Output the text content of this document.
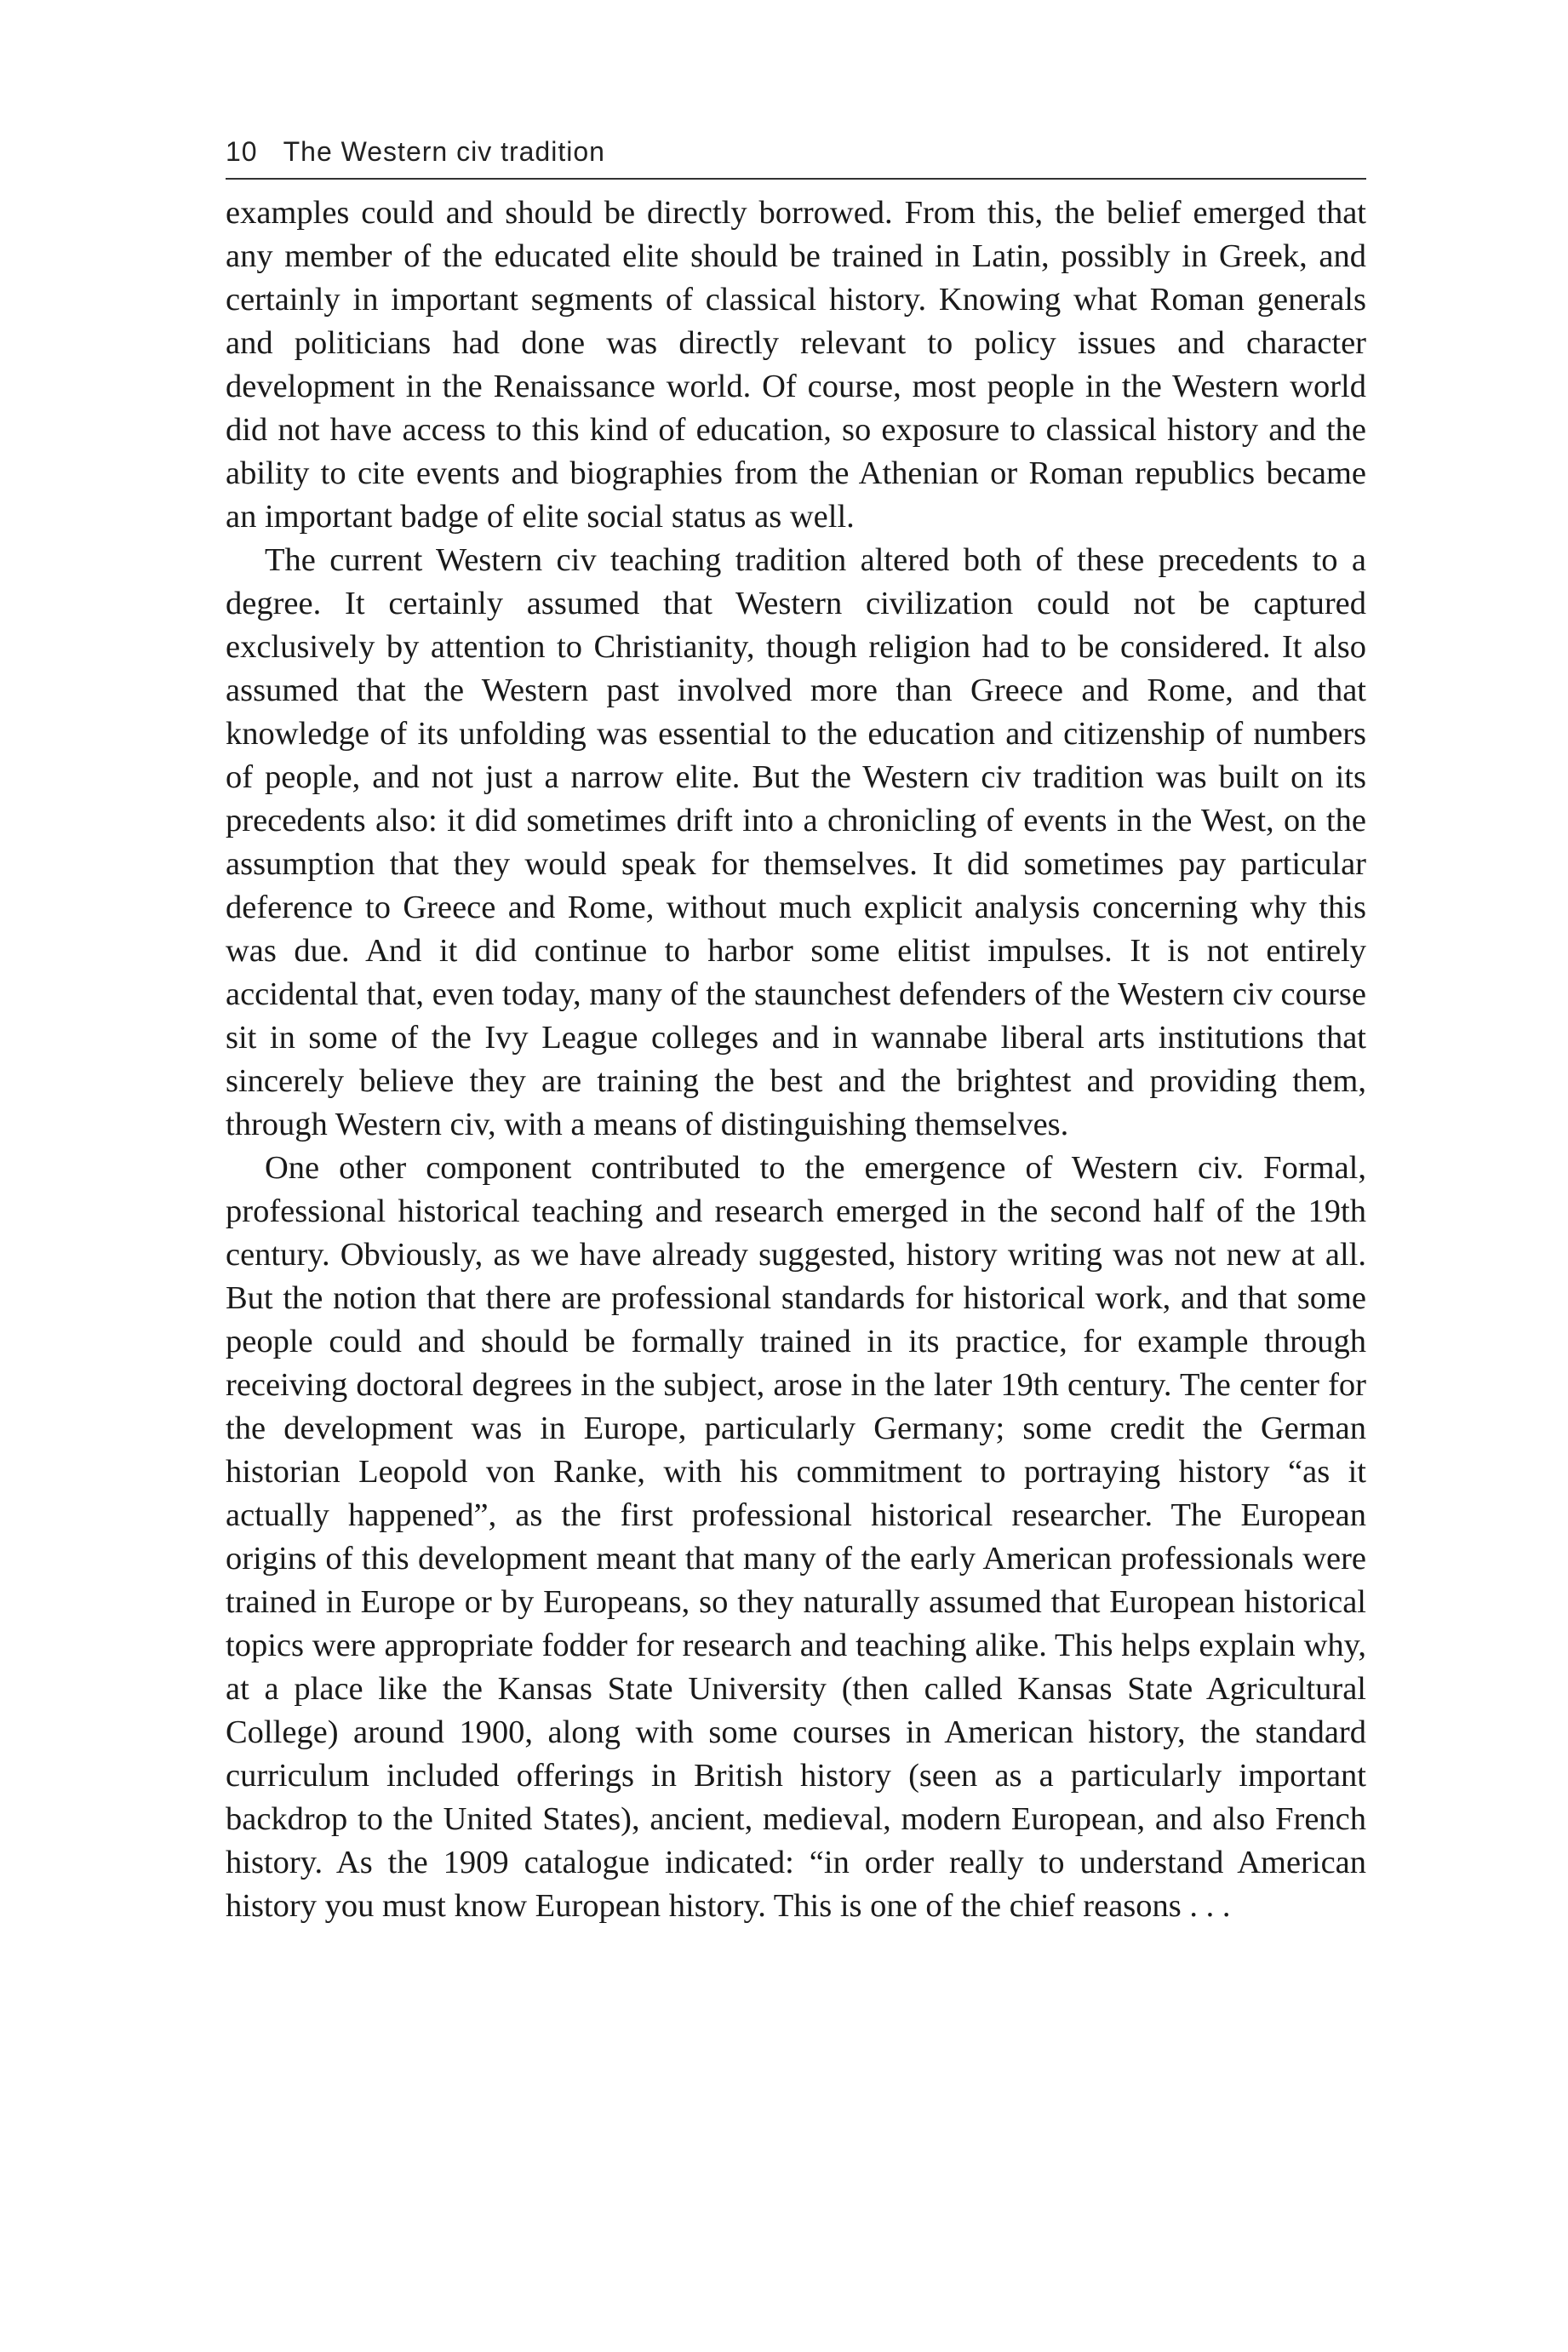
10 The Western civ tradition

examples could and should be directly borrowed. From this, the belief emerged that any member of the educated elite should be trained in Latin, possibly in Greek, and certainly in important segments of classical history. Knowing what Roman generals and politicians had done was directly relevant to policy issues and character development in the Renaissance world. Of course, most people in the Western world did not have access to this kind of education, so exposure to classical history and the ability to cite events and biographies from the Athenian or Roman republics became an important badge of elite social status as well.

The current Western civ teaching tradition altered both of these precedents to a degree. It certainly assumed that Western civilization could not be captured exclusively by attention to Christianity, though religion had to be considered. It also assumed that the Western past involved more than Greece and Rome, and that knowledge of its unfolding was essential to the education and citizenship of numbers of people, and not just a narrow elite. But the Western civ tradition was built on its precedents also: it did sometimes drift into a chronicling of events in the West, on the assumption that they would speak for themselves. It did sometimes pay particular deference to Greece and Rome, without much explicit analysis concerning why this was due. And it did continue to harbor some elitist impulses. It is not entirely accidental that, even today, many of the staunchest defenders of the Western civ course sit in some of the Ivy League colleges and in wannabe liberal arts institutions that sincerely believe they are training the best and the brightest and providing them, through Western civ, with a means of distinguishing themselves.

One other component contributed to the emergence of Western civ. Formal, professional historical teaching and research emerged in the second half of the 19th century. Obviously, as we have already suggested, history writing was not new at all. But the notion that there are professional standards for historical work, and that some people could and should be formally trained in its practice, for example through receiving doctoral degrees in the subject, arose in the later 19th century. The center for the development was in Europe, particularly Germany; some credit the German historian Leopold von Ranke, with his commitment to portraying history “as it actually happened”, as the first professional historical researcher. The European origins of this development meant that many of the early American professionals were trained in Europe or by Europeans, so they naturally assumed that European historical topics were appropriate fodder for research and teaching alike. This helps explain why, at a place like the Kansas State University (then called Kansas State Agricultural College) around 1900, along with some courses in American history, the standard curriculum included offerings in British history (seen as a particularly important backdrop to the United States), ancient, medieval, modern European, and also French history. As the 1909 catalogue indicated: “in order really to understand American history you must know European history. This is one of the chief reasons . . .
